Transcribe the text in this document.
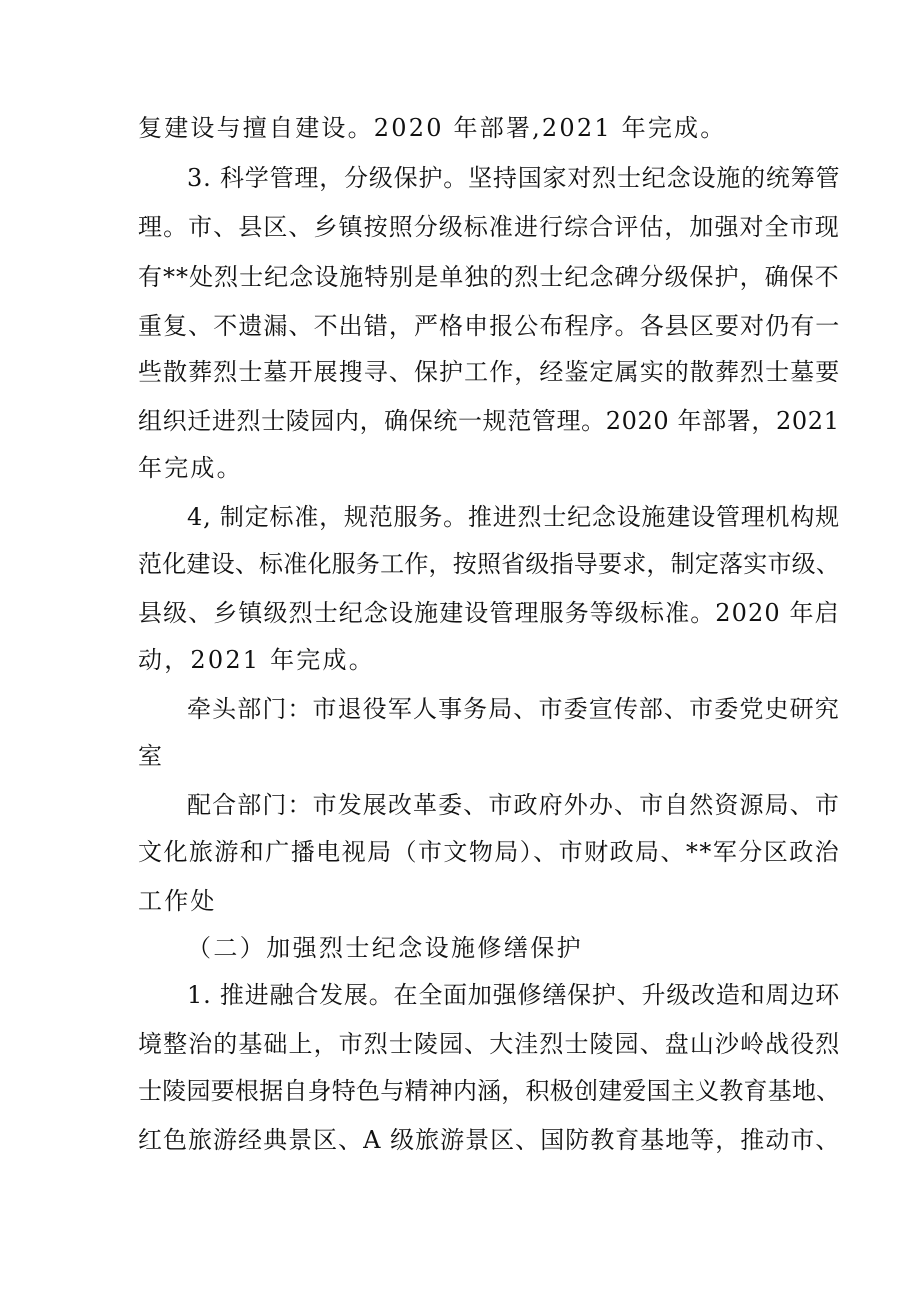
复建设与擅自建设。2020 年部署,2021 年完成。
3. 科学管理，分级保护。坚持国家对烈士纪念设施的统筹管
理。市、县区、乡镇按照分级标准进行综合评估，加强对全市现
有**处烈士纪念设施特别是单独的烈士纪念碑分级保护，确保不
重复、不遗漏、不出错，严格申报公布程序。各县区要对仍有一
些散葬烈士墓开展搜寻、保护工作，经鉴定属实的散葬烈士墓要
组织迁进烈士陵园内，确保统一规范管理。2020 年部署，2021
年完成。
4, 制定标准，规范服务。推进烈士纪念设施建设管理机构规
范化建设、标准化服务工作，按照省级指导要求，制定落实市级、
县级、乡镇级烈士纪念设施建设管理服务等级标准。2020 年启
动，2021 年完成。
牵头部门：市退役军人事务局、市委宣传部、市委党史研究
室
配合部门：市发展改革委、市政府外办、市自然资源局、市
文化旅游和广播电视局（市文物局）、市财政局、**军分区政治
工作处
（二）加强烈士纪念设施修缮保护
1. 推进融合发展。在全面加强修缮保护、升级改造和周边环
境整治的基础上，市烈士陵园、大洼烈士陵园、盘山沙岭战役烈
士陵园要根据自身特色与精神内涵，积极创建爱国主义教育基地、
红色旅游经典景区、A 级旅游景区、国防教育基地等，推动市、
